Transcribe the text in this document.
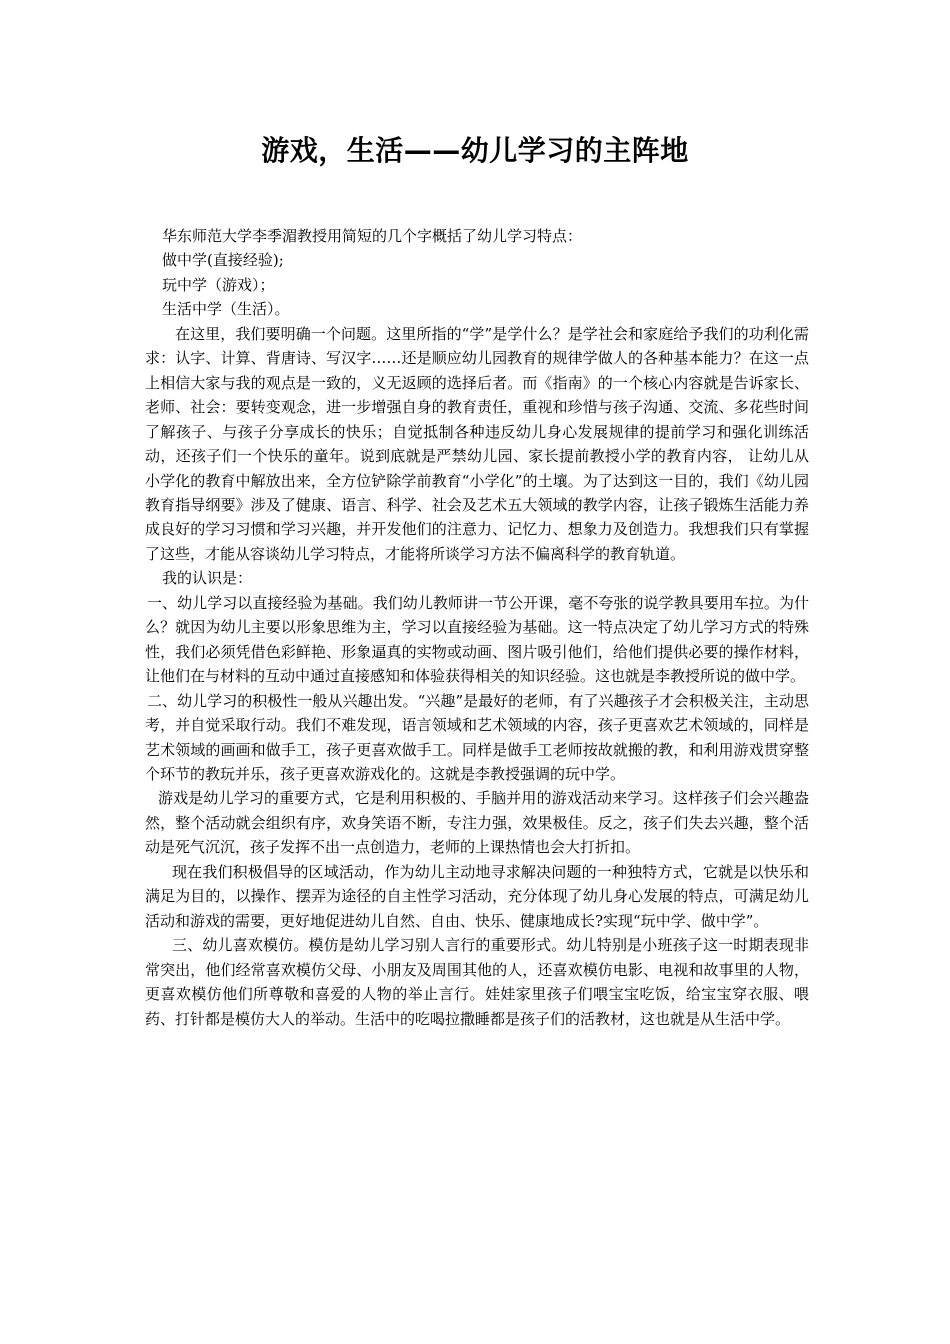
游戏，生活——幼儿学习的主阵地

华东师范大学李季湄教授用简短的几个字概括了幼儿学习特点：

做中学(直接经验);

玩中学（游戏）；

生活中学（生活）。

在这里，我们要明确一个问题。这里所指的“学”是学什么？是学社会和家庭给予我们的功利化需求：认字、计算、背唐诗、写汉字……还是顺应幼儿园教育的规律学做人的各种基本能力？在这一点上相信大家与我的观点是一致的，义无返顾的选择后者。而《指南》的一个核心内容就是告诉家长、老师、社会：要转变观念，进一步增强自身的教育责任，重视和珍惜与孩子沟通、交流、多花些时间了解孩子、与孩子分享成长的快乐；自觉抵制各种违反幼儿身心发展规律的提前学习和强化训练活动，还孩子们一个快乐的童年。说到底就是严禁幼儿园、家长提前教授小学的教育内容， 让幼儿从小学化的教育中解放出来，全方位铲除学前教育“小学化”的土壤。为了达到这一目的，我们《幼儿园教育指导纲要》涉及了健康、语言、科学、社会及艺术五大领域的教学内容，让孩子锻炼生活能力养成良好的学习习惯和学习兴趣，并开发他们的注意力、记忆力、想象力及创造力。我想我们只有掌握了这些，才能从容谈幼儿学习特点，才能将所谈学习方法不偏离科学的教育轨道。

我的认识是：

一、幼儿学习以直接经验为基础。我们幼儿教师讲一节公开课，毫不夸张的说学教具要用车拉。为什么？就因为幼儿主要以形象思维为主，学习以直接经验为基础。这一特点决定了幼儿学习方式的特殊性，我们必须凭借色彩鲜艳、形象逼真的实物或动画、图片吸引他们，给他们提供必要的操作材料，让他们在与材料的互动中通过直接感知和体验获得相关的知识经验。这也就是李教授所说的做中学。

二、幼儿学习的积极性一般从兴趣出发。“兴趣”是最好的老师，有了兴趣孩子才会积极关注，主动思考，并自觉采取行动。我们不难发现，语言领域和艺术领域的内容，孩子更喜欢艺术领域的，同样是艺术领域的画画和做手工，孩子更喜欢做手工。同样是做手工老师按故就搬的教，和利用游戏贯穿整个环节的教玩并乐，孩子更喜欢游戏化的。这就是李教授强调的玩中学。

游戏是幼儿学习的重要方式，它是利用积极的、手脑并用的游戏活动来学习。这样孩子们会兴趣盎然，整个活动就会组织有序，欢身笑语不断，专注力强，效果极佳。反之，孩子们失去兴趣，整个活动是死气沉沉，孩子发挥不出一点创造力，老师的上课热情也会大打折扣。

现在我们积极倡导的区域活动，作为幼儿主动地寻求解决问题的一种独特方式，它就是以快乐和满足为目的，以操作、摆弄为途径的自主性学习活动，充分体现了幼儿身心发展的特点，可满足幼儿活动和游戏的需要，更好地促进幼儿自然、自由、快乐、健康地成长?实现“玩中学、做中学”。

三、幼儿喜欢模仿。模仿是幼儿学习别人言行的重要形式。幼儿特别是小班孩子这一时期表现非常突出，他们经常喜欢模仿父母、小朋友及周围其他的人，还喜欢模仿电影、电视和故事里的人物，更喜欢模仿他们所尊敬和喜爱的人物的举止言行。娃娃家里孩子们喂宝宝吃饭，给宝宝穿衣服、喂药、打针都是模仿大人的举动。生活中的吃喝拉撒睡都是孩子们的活教材，这也就是从生活中学。
